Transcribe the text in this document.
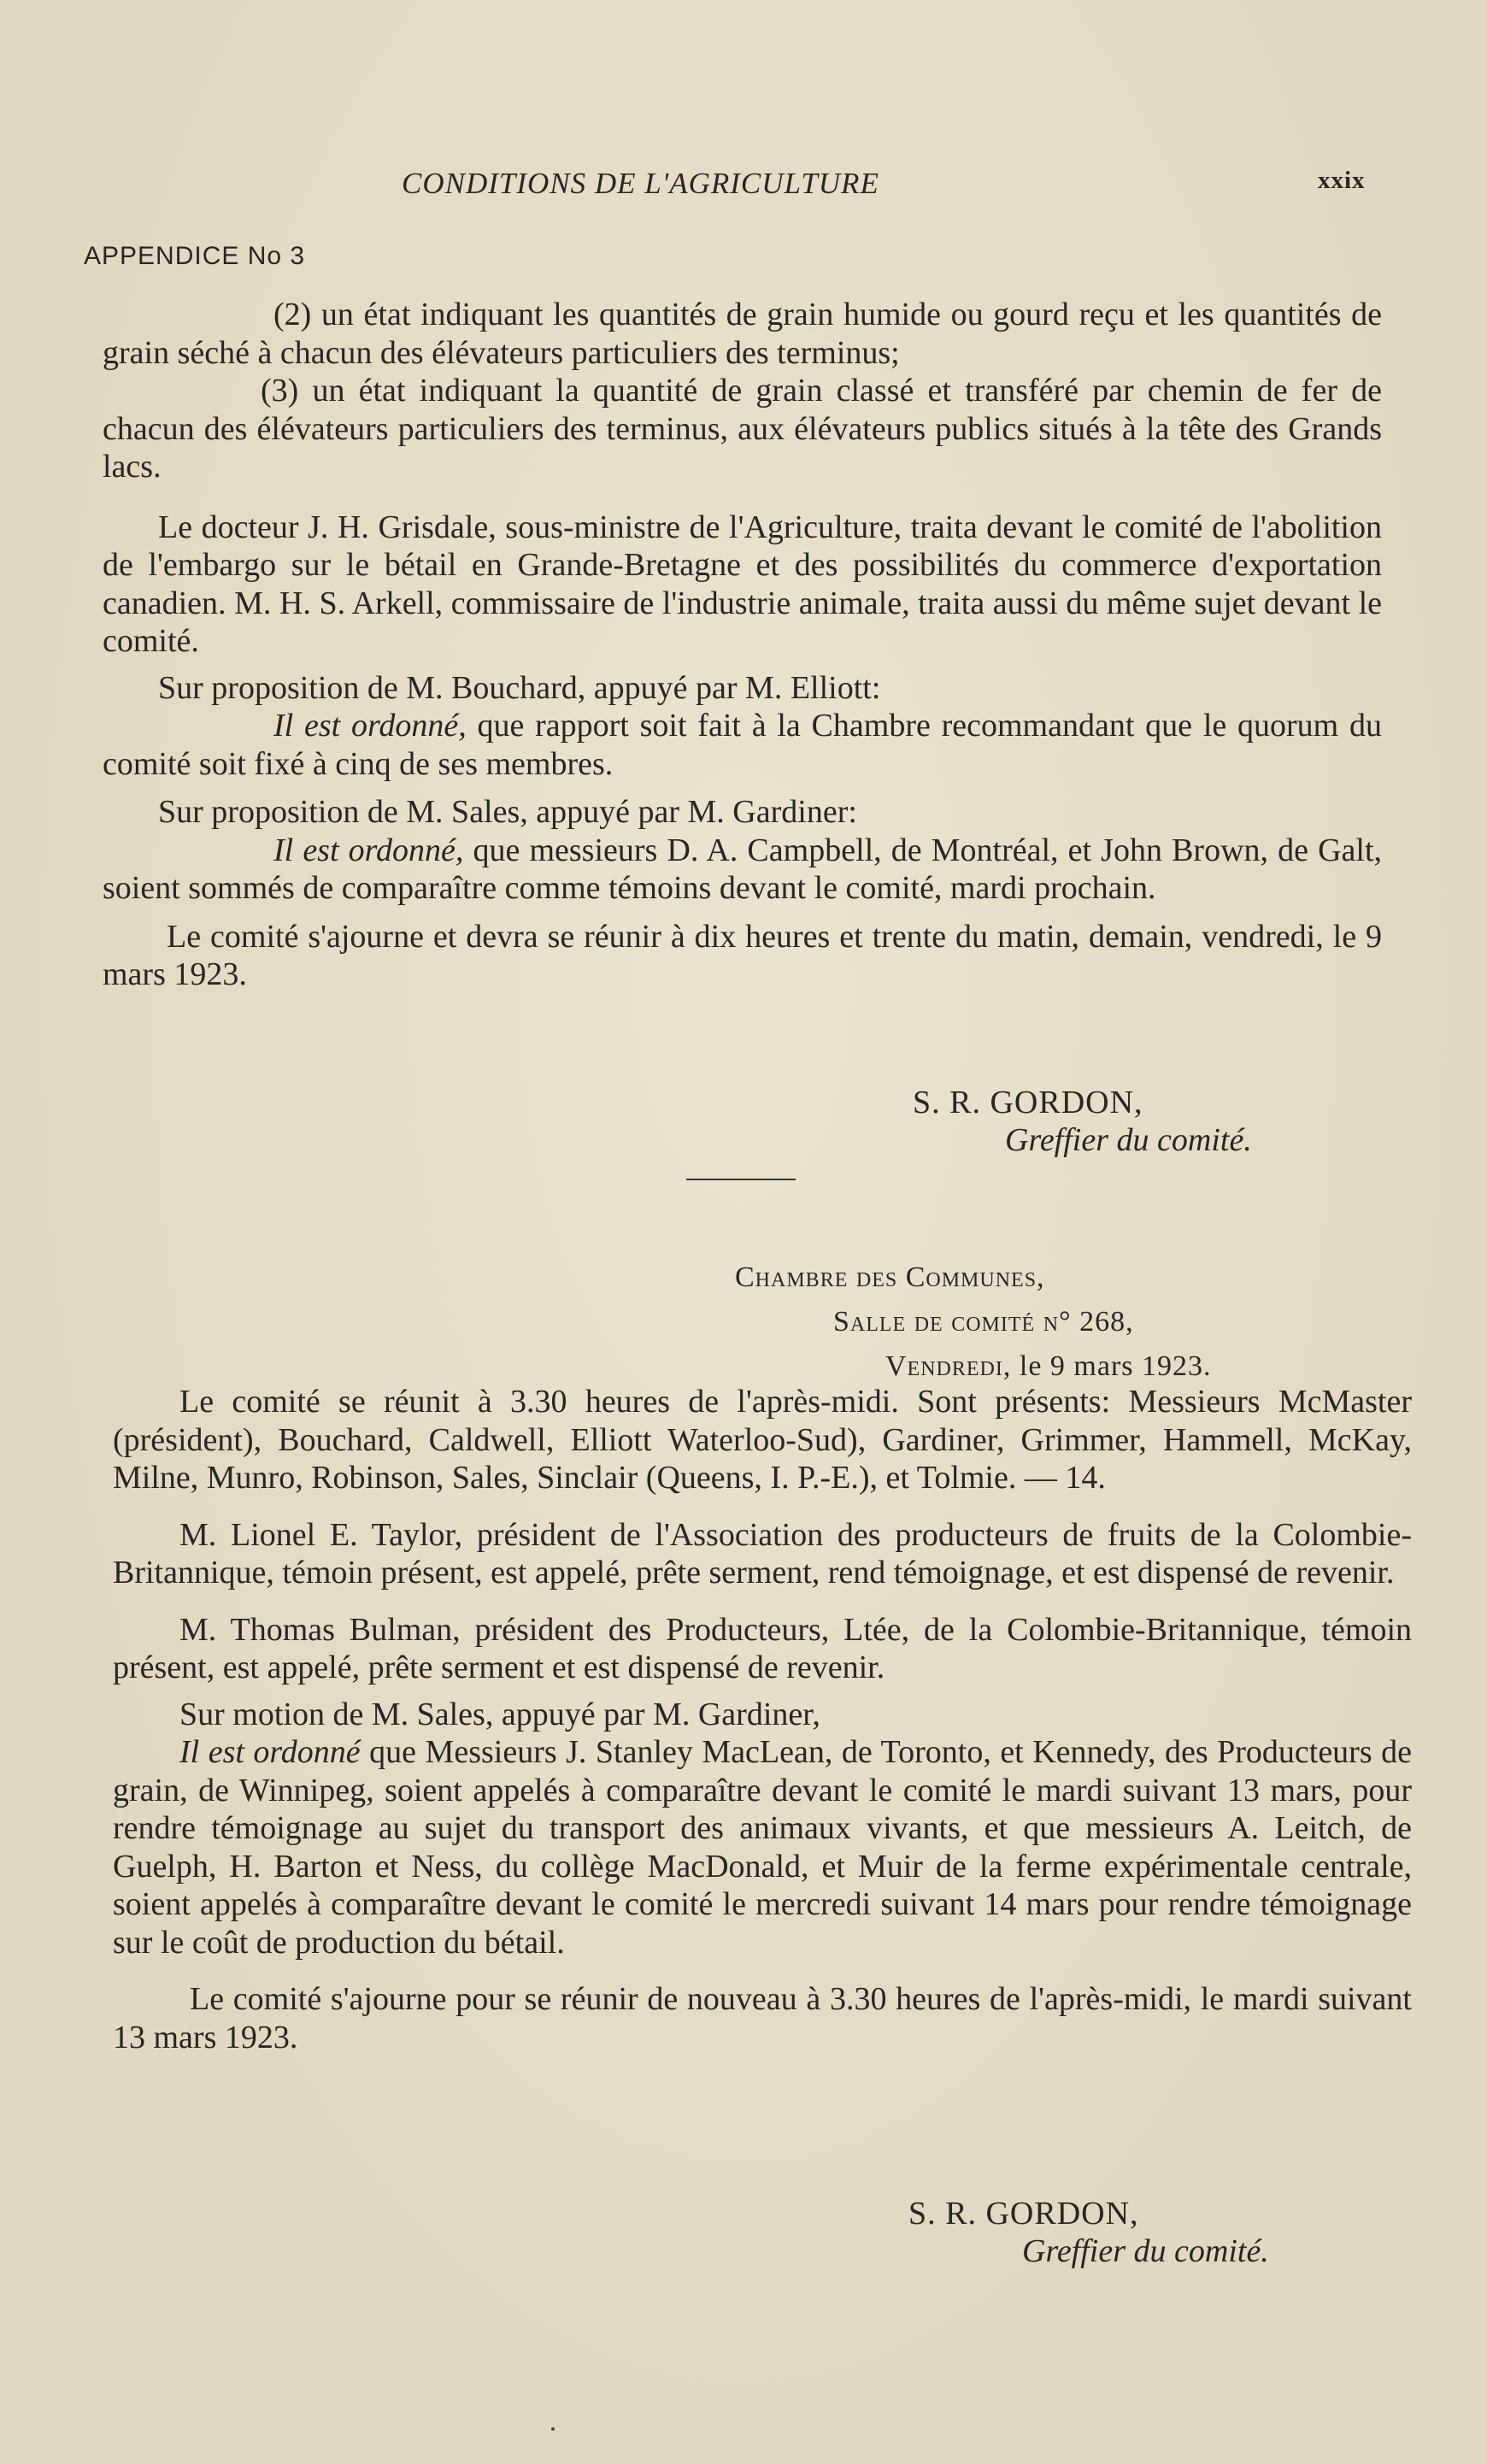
CONDITIONS DE L'AGRICULTURE	xxix
APPENDICE No 3

(2) un état indiquant les quantités de grain humide ou gourd reçu et les quantités de grain séché à chacun des élévateurs particuliers des terminus;

(3) un état indiquant la quantité de grain classé et transféré par chemin de fer de chacun des élévateurs particuliers des terminus, aux élévateurs publics situés à la tête des Grands lacs.

Le docteur J. H. Grisdale, sous-ministre de l'Agriculture, traita devant le comité de l'abolition de l'embargo sur le bétail en Grande-Bretagne et des possibilités du commerce d'exportation canadien. M. H. S. Arkell, commissaire de l'industrie animale, traita aussi du même sujet devant le comité.

Sur proposition de M. Bouchard, appuyé par M. Elliott:

Il est ordonné, que rapport soit fait à la Chambre recommandant que le quorum du comité soit fixé à cinq de ses membres.

Sur proposition de M. Sales, appuyé par M. Gardiner:

Il est ordonné, que messieurs D. A. Campbell, de Montréal, et John Brown, de Galt, soient sommés de comparaître comme témoins devant le comité, mardi prochain.

Le comité s'ajourne et devra se réunir à dix heures et trente du matin, demain, vendredi, le 9 mars 1923.

S. R. GORDON,
Greffier du comité.
Chambre des Communes,
Salle de comité n° 268,
Vendredi, le 9 mars 1923.

Le comité se réunit à 3.30 heures de l'après-midi. Sont présents: Messieurs McMaster (président), Bouchard, Caldwell, Elliott Waterloo-Sud), Gardiner, Grimmer, Hammell, McKay, Milne, Munro, Robinson, Sales, Sinclair (Queens, I. P.-E.), et Tolmie. — 14.

M. Lionel E. Taylor, président de l'Association des producteurs de fruits de la Colombie-Britannique, témoin présent, est appelé, prête serment, rend témoignage, et est dispensé de revenir.

M. Thomas Bulman, président des Producteurs, Ltée, de la Colombie-Britannique, témoin présent, est appelé, prête serment et est dispensé de revenir.

Sur motion de M. Sales, appuyé par M. Gardiner,

Il est ordonné que Messieurs J. Stanley MacLean, de Toronto, et Kennedy, des Producteurs de grain, de Winnipeg, soient appelés à comparaître devant le comité le mardi suivant 13 mars, pour rendre témoignage au sujet du transport des animaux vivants, et que messieurs A. Leitch, de Guelph, H. Barton et Ness, du collège MacDonald, et Muir de la ferme expérimentale centrale, soient appelés à comparaître devant le comité le mercredi suivant 14 mars pour rendre témoignage sur le coût de production du bétail.

Le comité s'ajourne pour se réunir de nouveau à 3.30 heures de l'après-midi, le mardi suivant 13 mars 1923.

S. R. GORDON,
Greffier du comité.
